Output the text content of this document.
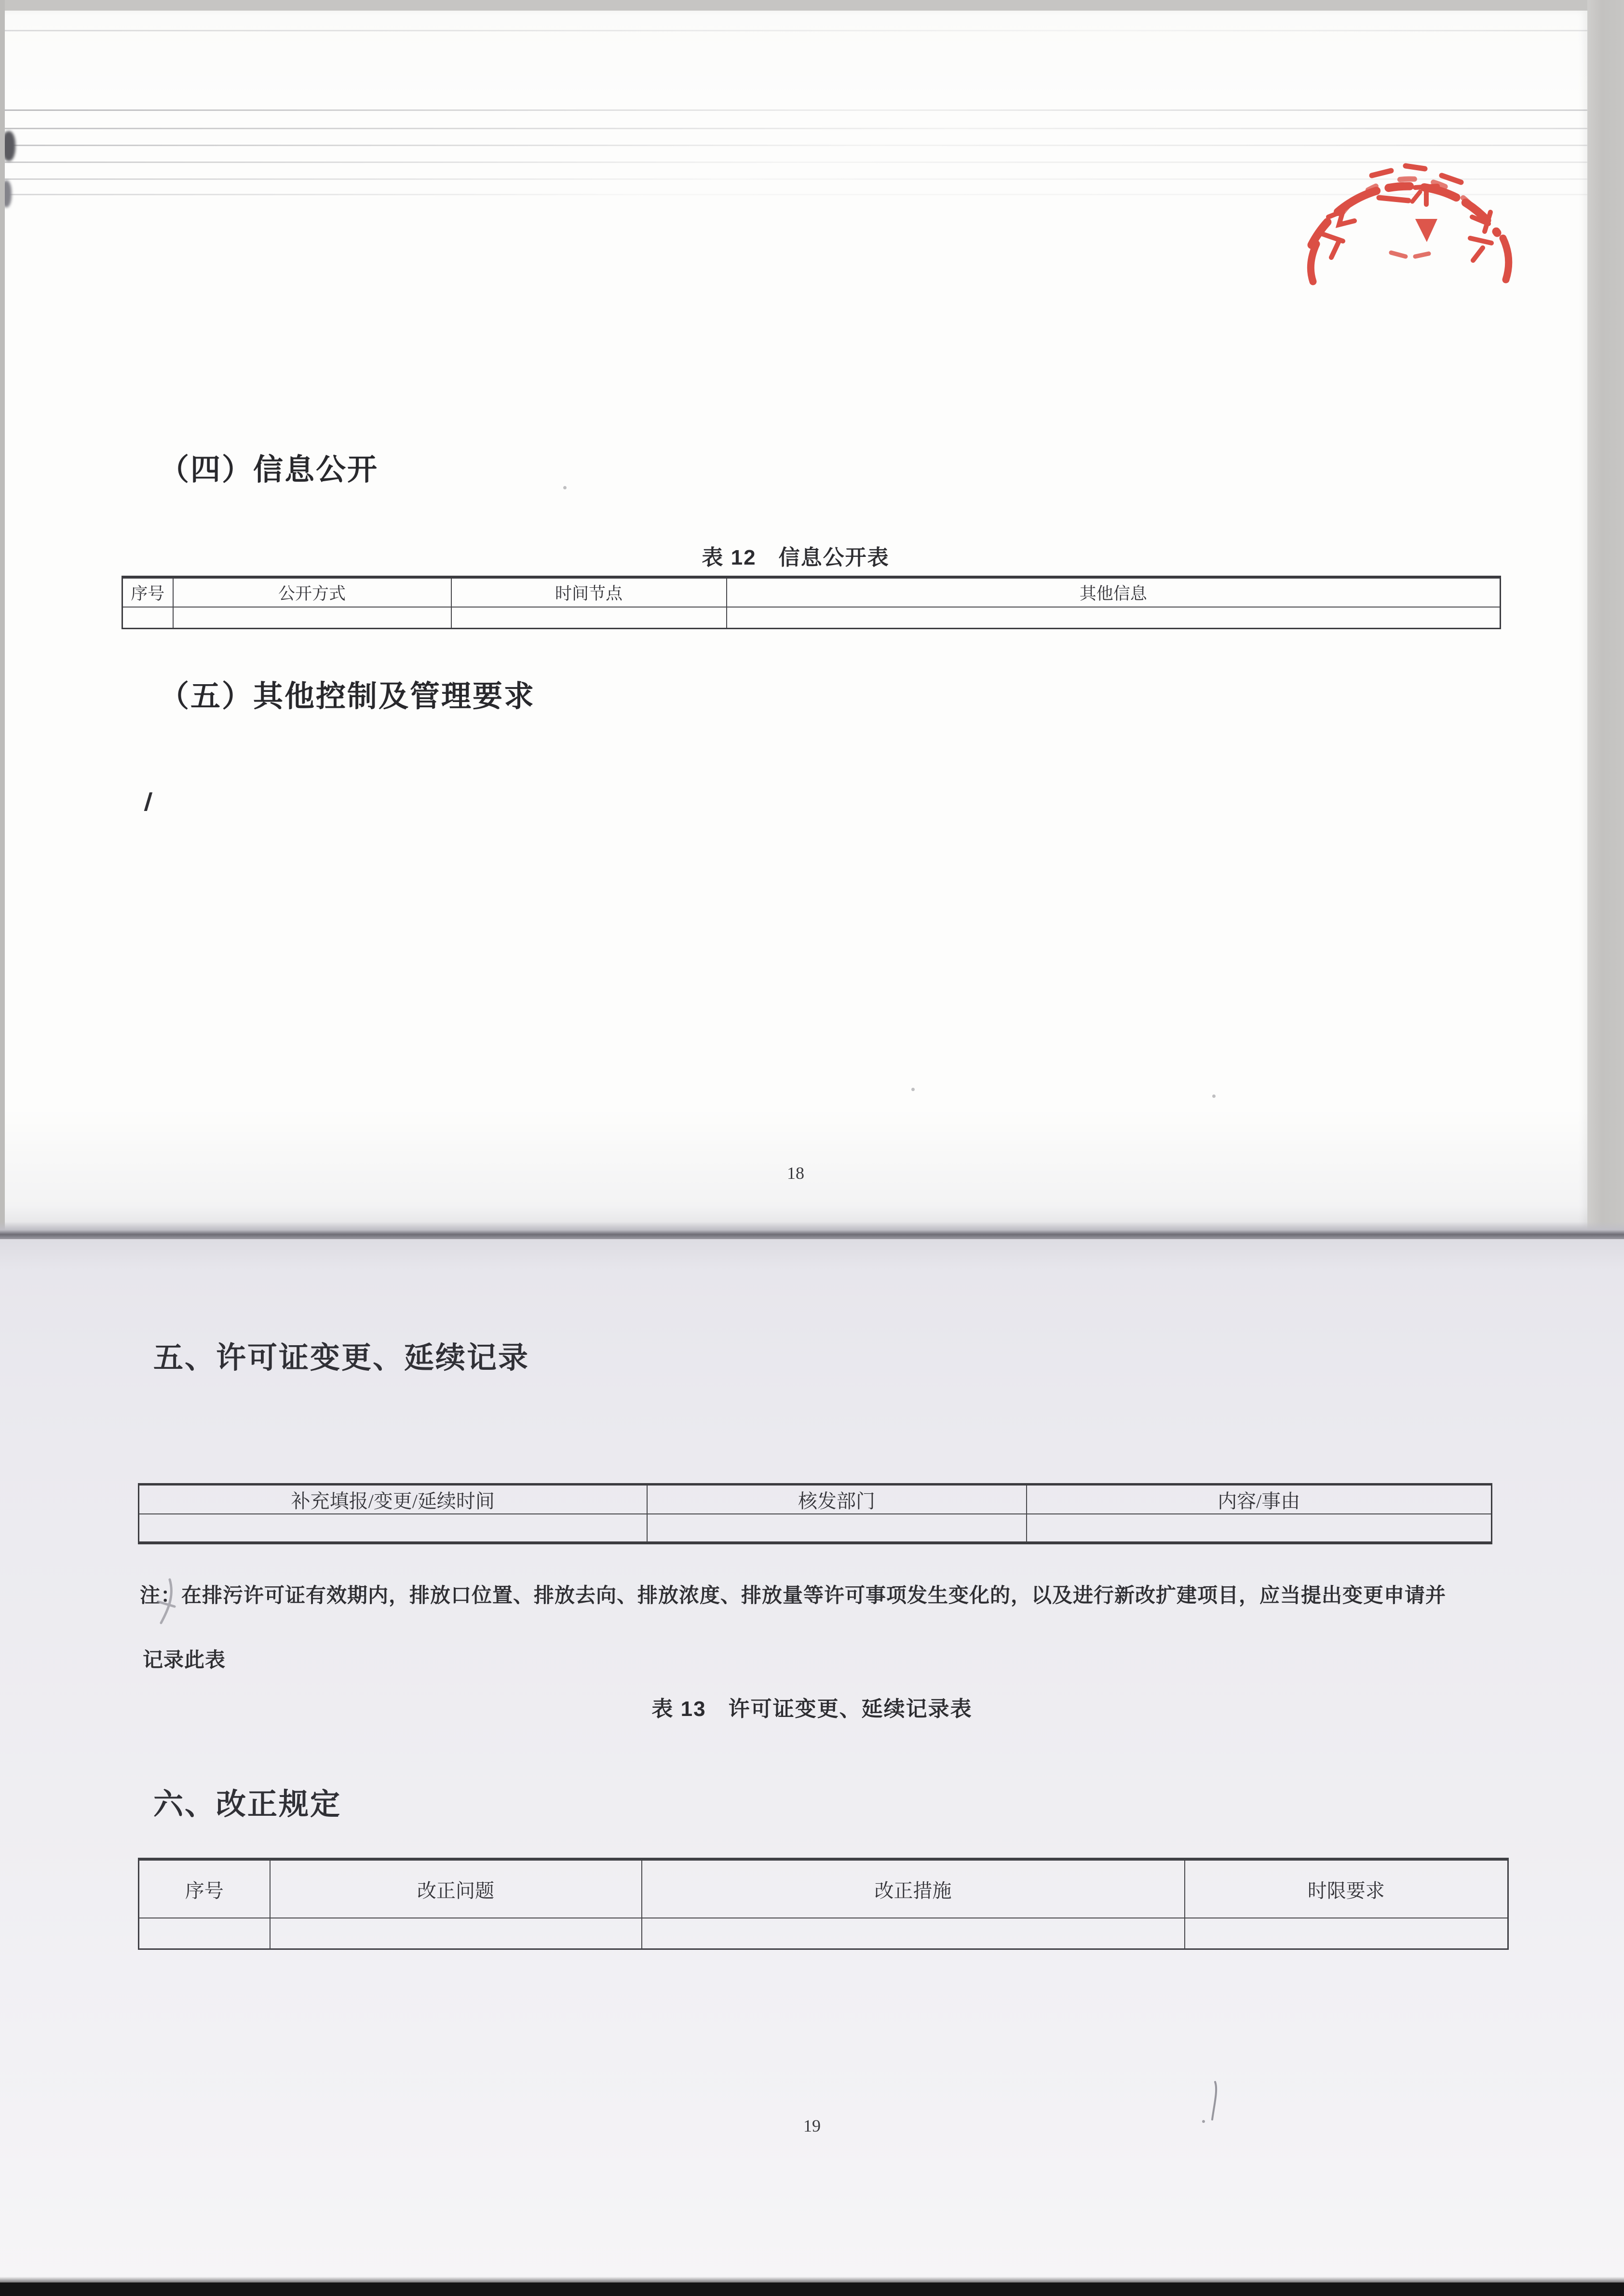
（四）信息公开
表 12　信息公开表
序号	公开方式	时间节点	其他信息

（五）其他控制及管理要求
/
18
五、许可证变更、延续记录
表 13　许可证变更、延续记录表
补充填报/变更/延续时间	核发部门	内容/事由

注：在排污许可证有效期内，排放口位置、排放去向、排放浓度、排放量等许可事项发生变化的，以及进行新改扩建项目，应当提出变更申请并
记录此表
六、改正规定
序号	改正问题	改正措施	时限要求

19
